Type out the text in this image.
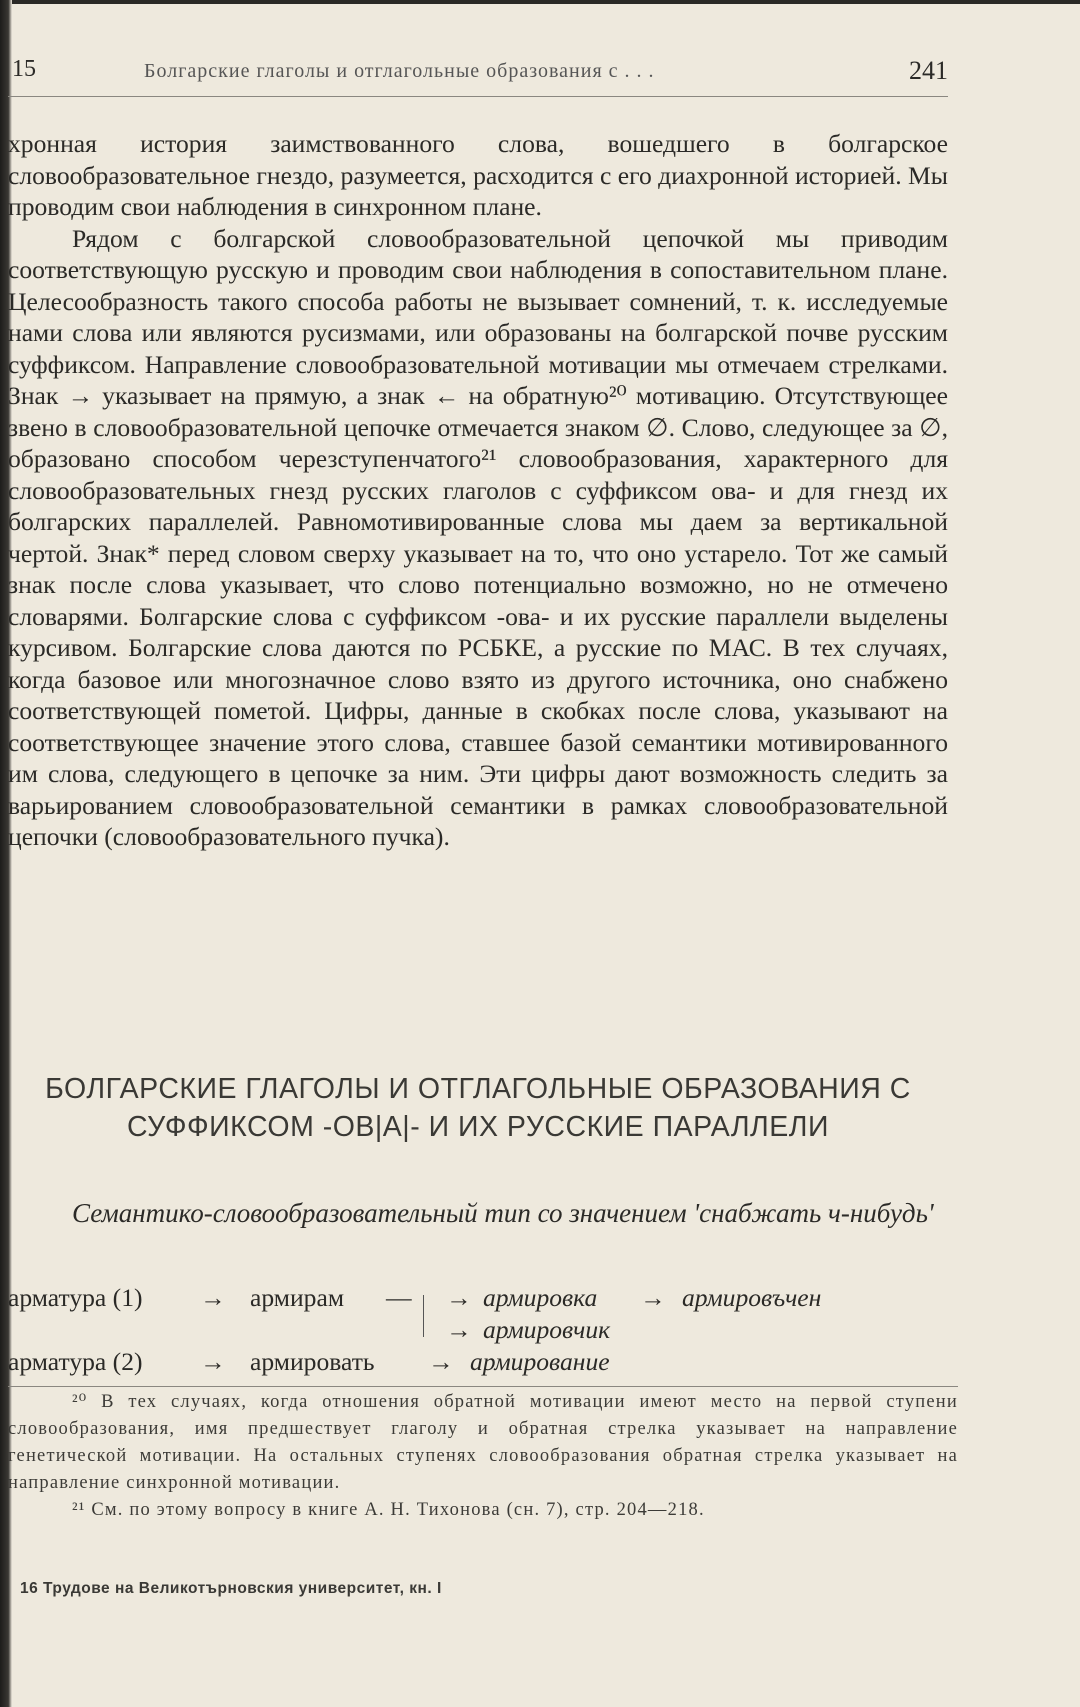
15	Болгарские глаголы и отглагольные образования с . . .	241

хронная история заимствованного слова, вошедшего в болгарское словообразовательное гнездо, разумеется, расходится с его диахронной историей. Мы проводим свои наблюдения в синхронном плане.

Рядом с болгарской словообразовательной цепочкой мы приводим соответствующую русскую и проводим свои наблюдения в сопоставительном плане. Целесообразность такого способа работы не вызывает сомнений, т. к. исследуемые нами слова или являются русизмами, или образованы на болгарской почве русским суффиксом. Направление словообразовательной мотивации мы отмечаем стрелками. Знак → указывает на прямую, а знак ← на обратную²⁰ мотивацию. Отсутствующее звено в словообразовательной цепочке отмечается знаком ∅. Слово, следующее за ∅, образовано способом черезступенчатого²¹ словообразования, характерного для словообразовательных гнезд русских глаголов с суффиксом ова- и для гнезд их болгарских параллелей. Равномотивированные слова мы даем за вертикальной чертой. Знак* перед словом сверху указывает на то, что оно устарело. Тот же самый знак после слова указывает, что слово потенциально возможно, но не отмечено словарями. Болгарские слова с суффиксом -ова- и их русские параллели выделены курсивом. Болгарские слова даются по РСБКЕ, а русские по МАС. В тех случаях, когда базовое или многозначное слово взято из другого источника, оно снабжено соответствующей пометой. Цифры, данные в скобках после слова, указывают на соответствующее значение этого слова, ставшее базой семантики мотивированного им слова, следующего в цепочке за ним. Эти цифры дают возможность следить за варьированием словообразовательной семантики в рамках словообразовательной цепочки (словообразовательного пучка).

БОЛГАРСКИЕ ГЛАГОЛЫ И ОТГЛАГОЛЬНЫЕ ОБРАЗОВАНИЯ С СУФФИКСОМ -ОВ|А|- И ИХ РУССКИЕ ПАРАЛЛЕЛИ
Семантико-словообразовательный тип со значением 'снабжать ч-нибудь'
арматура (1) → армирам — → армировка → армировъчен
→ армировчик
арматура (2) → армировать → армирование

²⁰ В тех случаях, когда отношения обратной мотивации имеют место на первой ступени словообразования, имя предшествует глаголу и обратная стрелка указывает на направление генетической мотивации. На остальных ступенях словообразования обратная стрелка указывает на направление синхронной мотивации.

²¹ См. по этому вопросу в книге А. Н. Тихонова (сн. 7), стр. 204—218.

16 Трудове на Великотърновския университет, кн. I
